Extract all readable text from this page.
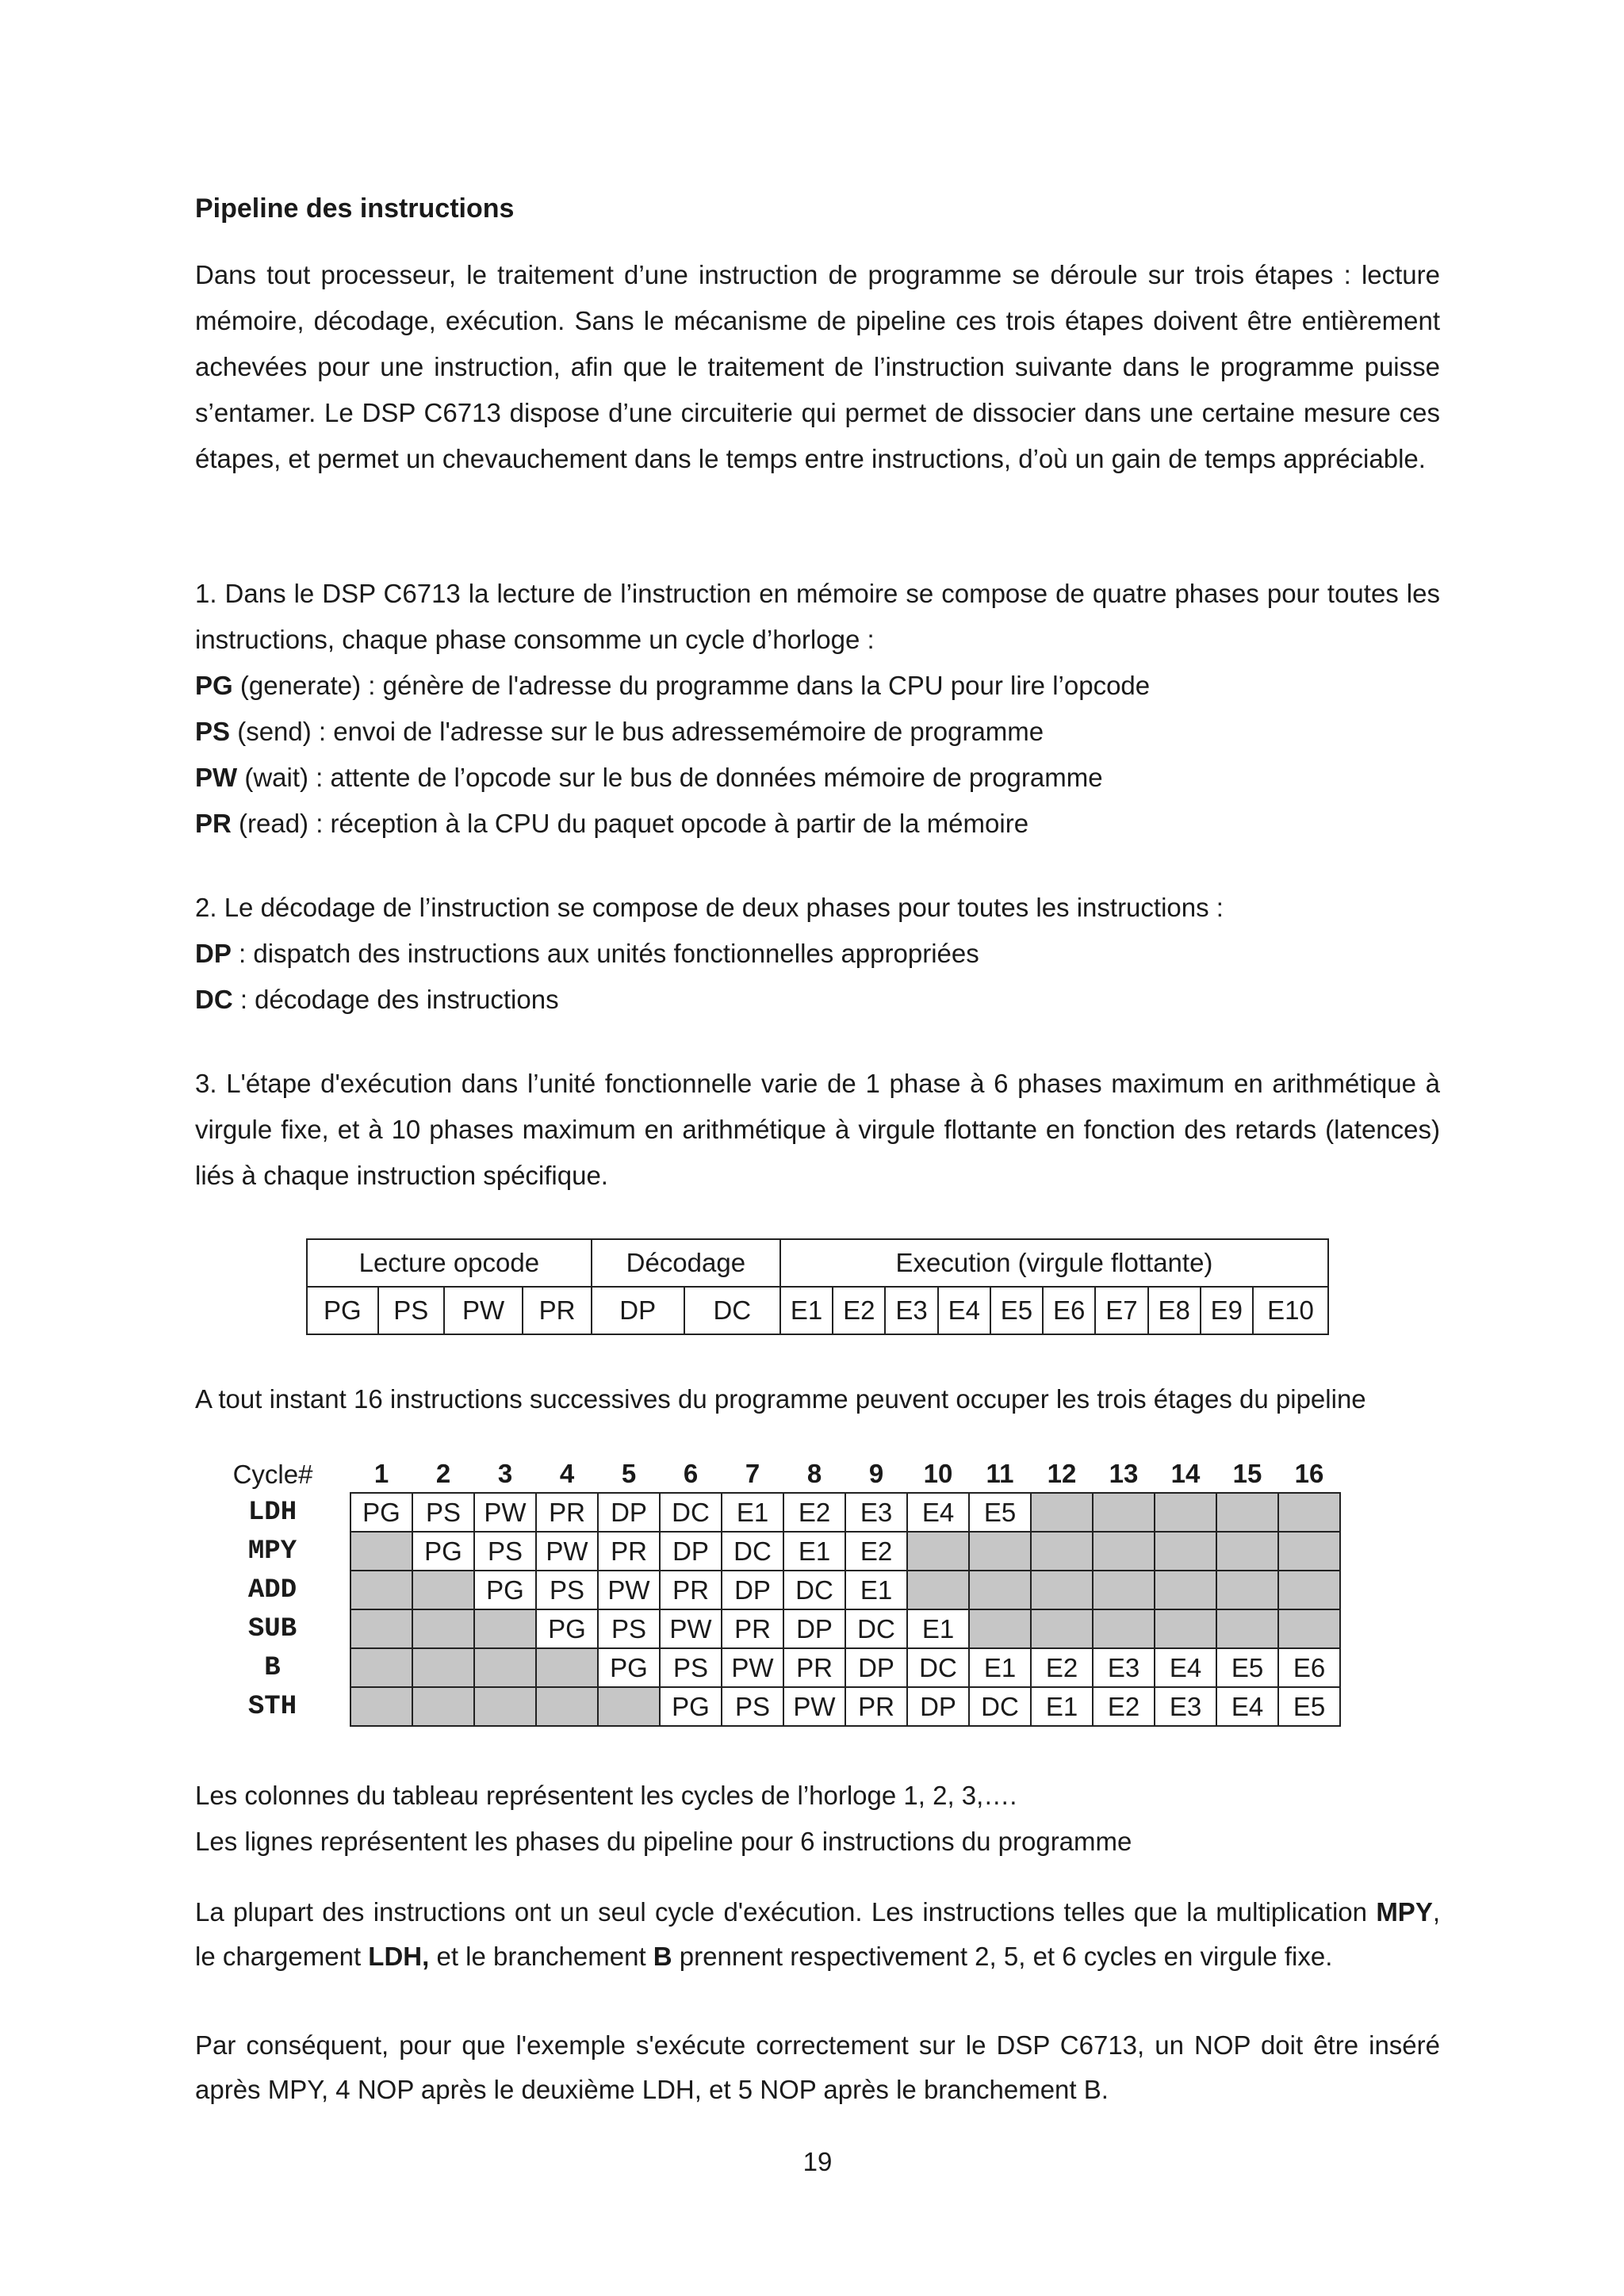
Pipeline des instructions
Dans tout processeur, le traitement d’une instruction de programme se déroule sur trois étapes : lecture mémoire, décodage, exécution. Sans le mécanisme de pipeline ces trois étapes doivent être entièrement achevées pour une instruction, afin que le traitement de l’instruction suivante dans le programme puisse s’entamer. Le DSP C6713 dispose d’une circuiterie qui permet de dissocier dans une certaine mesure ces étapes, et permet un chevauchement dans le temps entre instructions, d’où un gain de temps appréciable.
1. Dans le DSP C6713 la lecture de l’instruction en mémoire se compose de quatre phases pour toutes les instructions, chaque phase consomme un cycle d’horloge :
PG (generate) : génère de l'adresse du programme dans la CPU pour lire l’opcode
PS (send) : envoi de l'adresse sur le bus adressemémoire de programme
PW (wait) : attente de l’opcode sur le bus de données mémoire de programme
PR (read) : réception à la CPU du paquet opcode à partir de la mémoire
2. Le décodage de l’instruction se compose de deux phases pour toutes les instructions :
DP : dispatch des instructions aux unités fonctionnelles appropriées
DC : décodage des instructions
3. L'étape d'exécution dans l’unité fonctionnelle varie de 1 phase à 6 phases maximum en arithmétique à virgule fixe, et à 10 phases maximum en arithmétique à virgule flottante en fonction des retards (latences) liés à chaque instruction spécifique.
Lecture opcode				Décodage		Execution (virgule flottante)									
PG	PS	PW	PR	DP	DC	E1	E2	E3	E4	E5	E6	E7	E8	E9	E10
A tout instant 16 instructions successives du programme peuvent occuper les trois étages du pipeline
Cycle#	1	2	3	4	5	6	7	8	9	10	11	12	13	14	15	16
LDH	PG	PS	PW	PR	DP	DC	E1	E2	E3	E4	E5					
MPY		PG	PS	PW	PR	DP	DC	E1	E2							
ADD			PG	PS	PW	PR	DP	DC	E1							
SUB				PG	PS	PW	PR	DP	DC	E1						
B					PG	PS	PW	PR	DP	DC	E1	E2	E3	E4	E5	E6
STH						PG	PS	PW	PR	DP	DC	E1	E2	E3	E4	E5
Les colonnes du tableau représentent les cycles de l’horloge 1, 2, 3,….
Les lignes représentent les phases du pipeline pour 6 instructions du programme
La plupart des instructions ont un seul cycle d'exécution. Les instructions telles que la multiplication MPY, le chargement LDH, et le branchement B prennent respectivement 2, 5, et 6 cycles en virgule fixe.
Par conséquent, pour que l'exemple s'exécute correctement sur le DSP C6713, un NOP doit être inséré après MPY, 4 NOP après le deuxième LDH, et 5 NOP après le branchement B.
19
